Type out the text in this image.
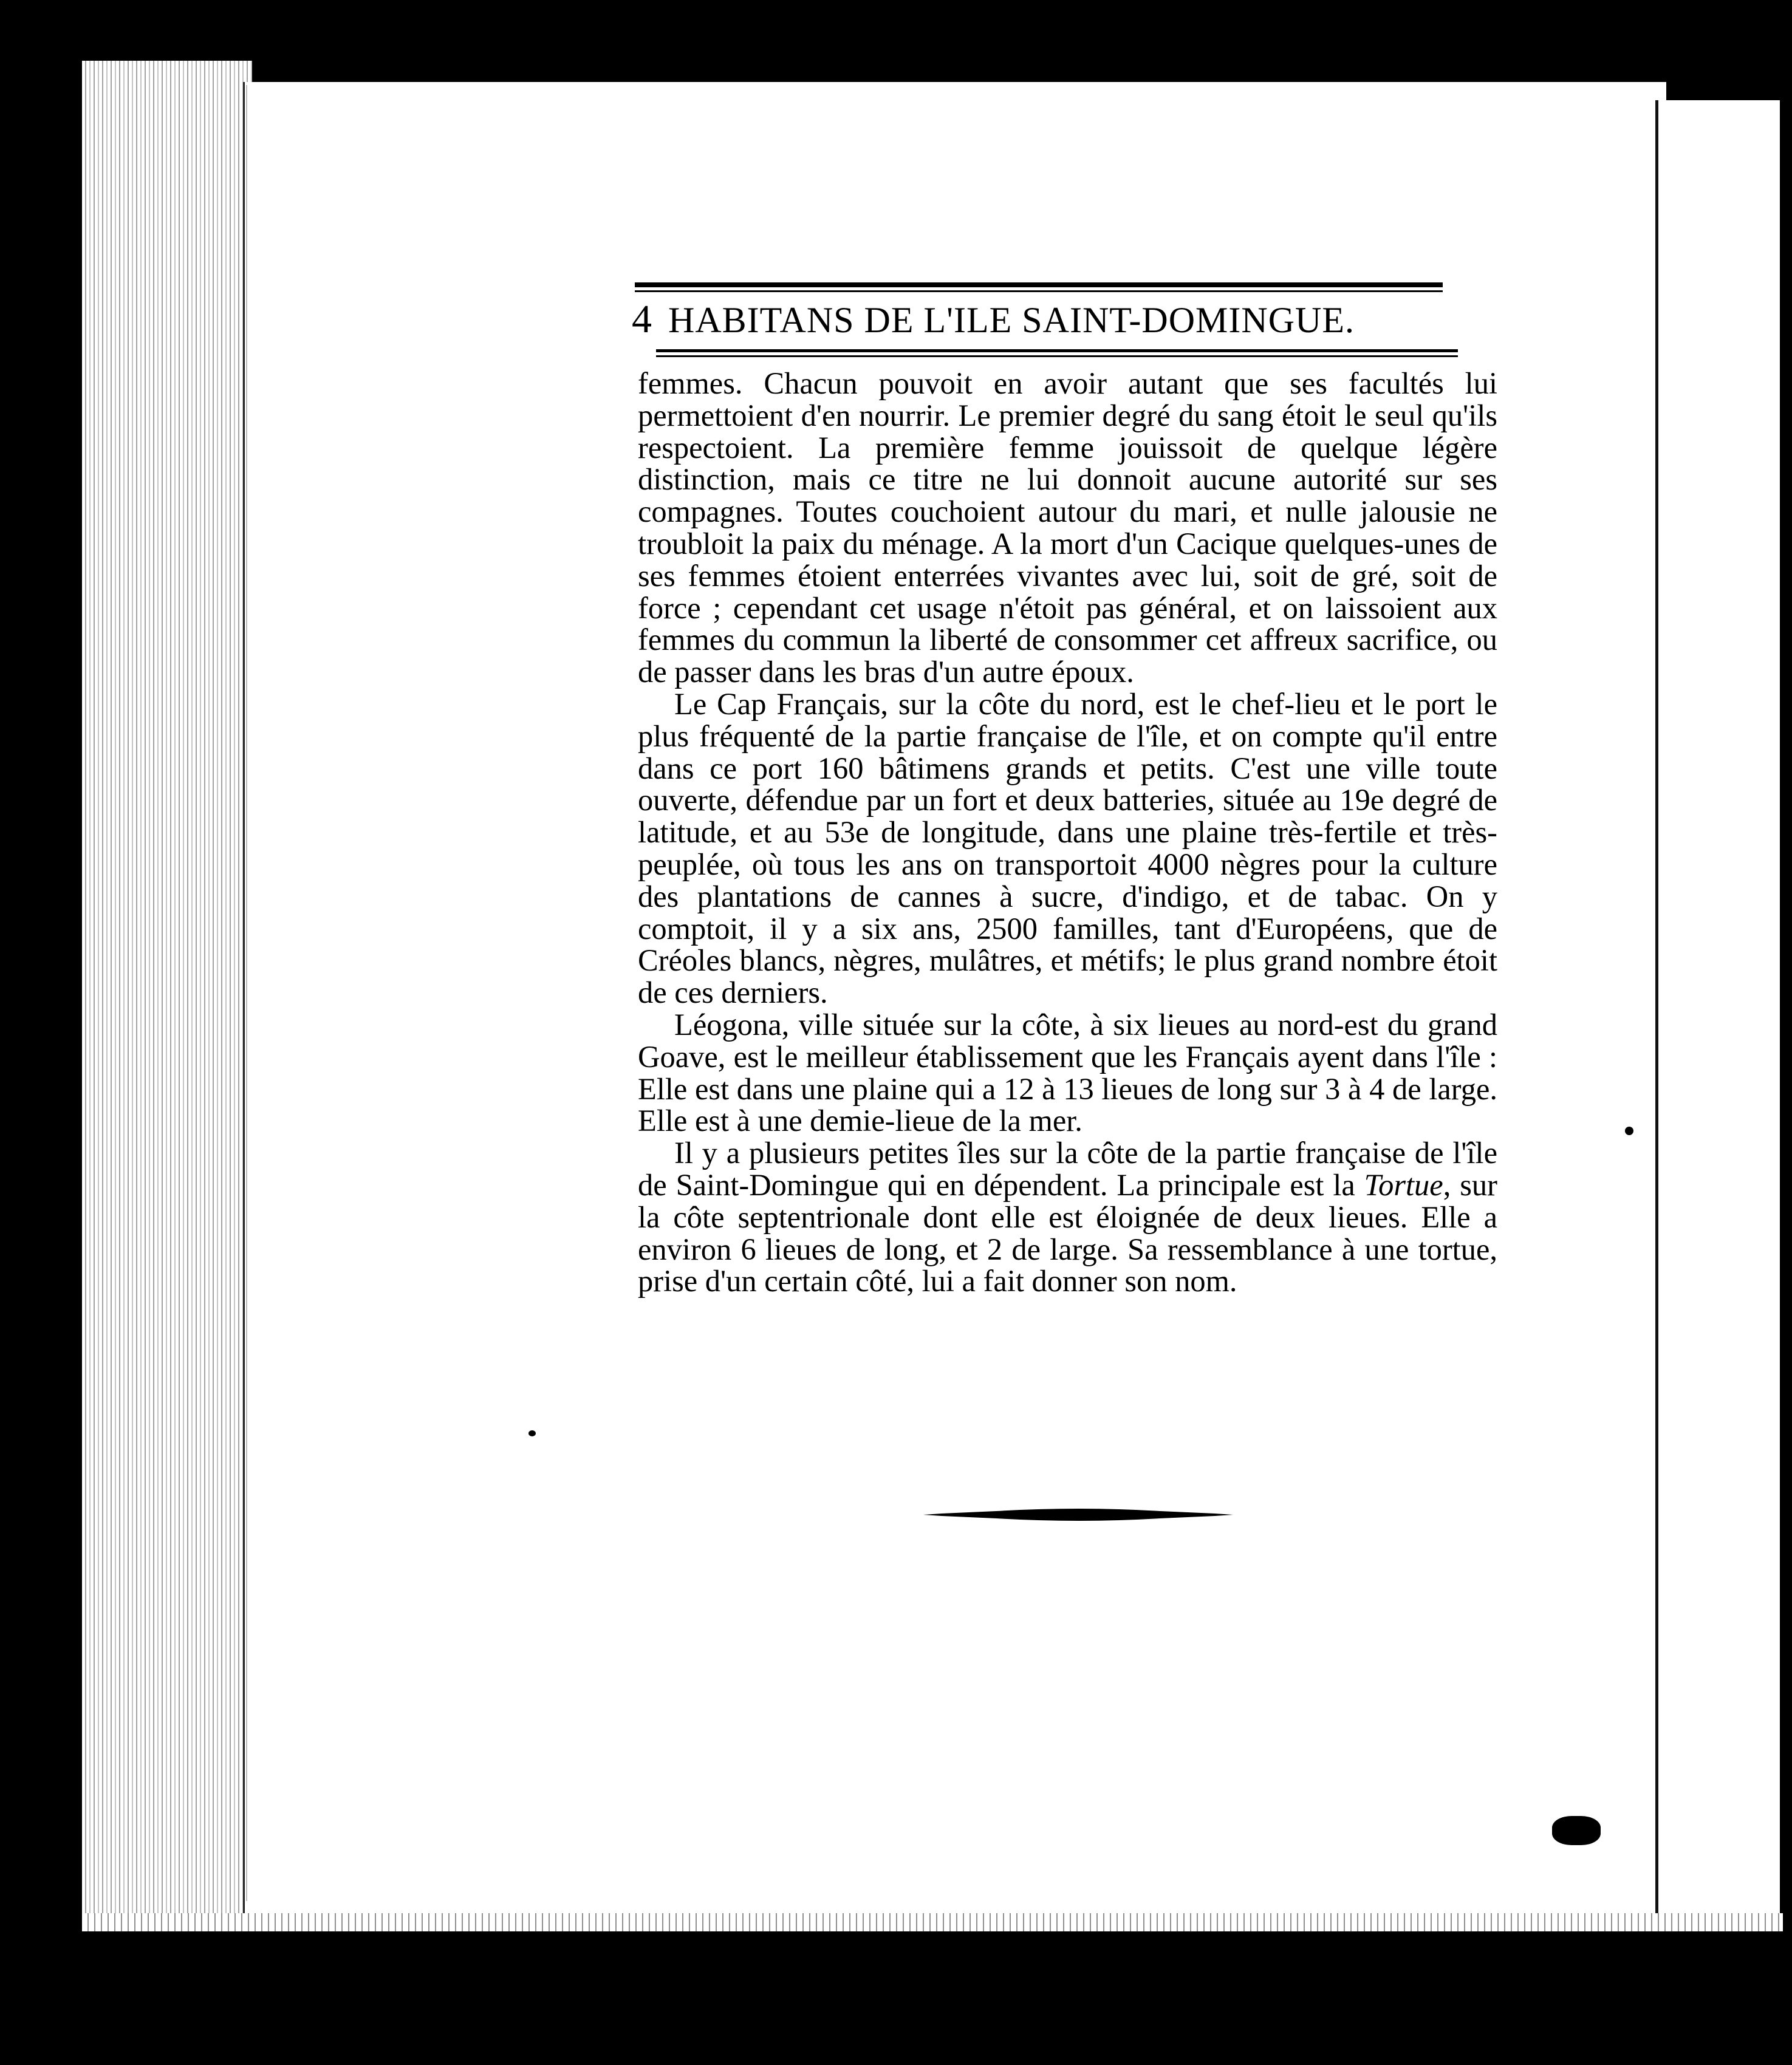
4 HABITANS DE L'ILE SAINT-DOMINGUE.

femmes. Chacun pouvoit en avoir autant que ses facultés lui permettoient d'en nourrir. Le premier degré du sang étoit le seul qu'ils respectoient. La première femme jouissoit de quelque légère distinction, mais ce titre ne lui donnoit aucune autorité sur ses compagnes. Toutes couchoient autour du mari, et nulle jalousie ne troubloit la paix du ménage. A la mort d'un Cacique quelques-unes de ses femmes étoient enterrées vivantes avec lui, soit de gré, soit de force ; cependant cet usage n'étoit pas général, et on laissoient aux femmes du commun la liberté de consommer cet affreux sacrifice, ou de passer dans les bras d'un autre époux.

Le Cap Français, sur la côte du nord, est le chef-lieu et le port le plus fréquenté de la partie française de l'île, et on compte qu'il entre dans ce port 160 bâtimens grands et petits. C'est une ville toute ouverte, défendue par un fort et deux batteries, située au 19e degré de latitude, et au 53e de longitude, dans une plaine très-fertile et très-peuplée, où tous les ans on transportoit 4000 nègres pour la culture des plantations de cannes à sucre, d'indigo, et de tabac. On y comptoit, il y a six ans, 2500 familles, tant d'Européens, que de Créoles blancs, nègres, mulâtres, et métifs; le plus grand nombre étoit de ces derniers.

Léogona, ville située sur la côte, à six lieues au nord-est du grand Goave, est le meilleur établissement que les Français ayent dans l'île : Elle est dans une plaine qui a 12 à 13 lieues de long sur 3 à 4 de large. Elle est à une demie-lieue de la mer.

Il y a plusieurs petites îles sur la côte de la partie française de l'île de Saint-Domingue qui en dépendent. La principale est la Tortue, sur la côte septentrionale dont elle est éloignée de deux lieues. Elle a environ 6 lieues de long, et 2 de large. Sa ressemblance à une tortue, prise d'un certain côté, lui a fait donner son nom.
